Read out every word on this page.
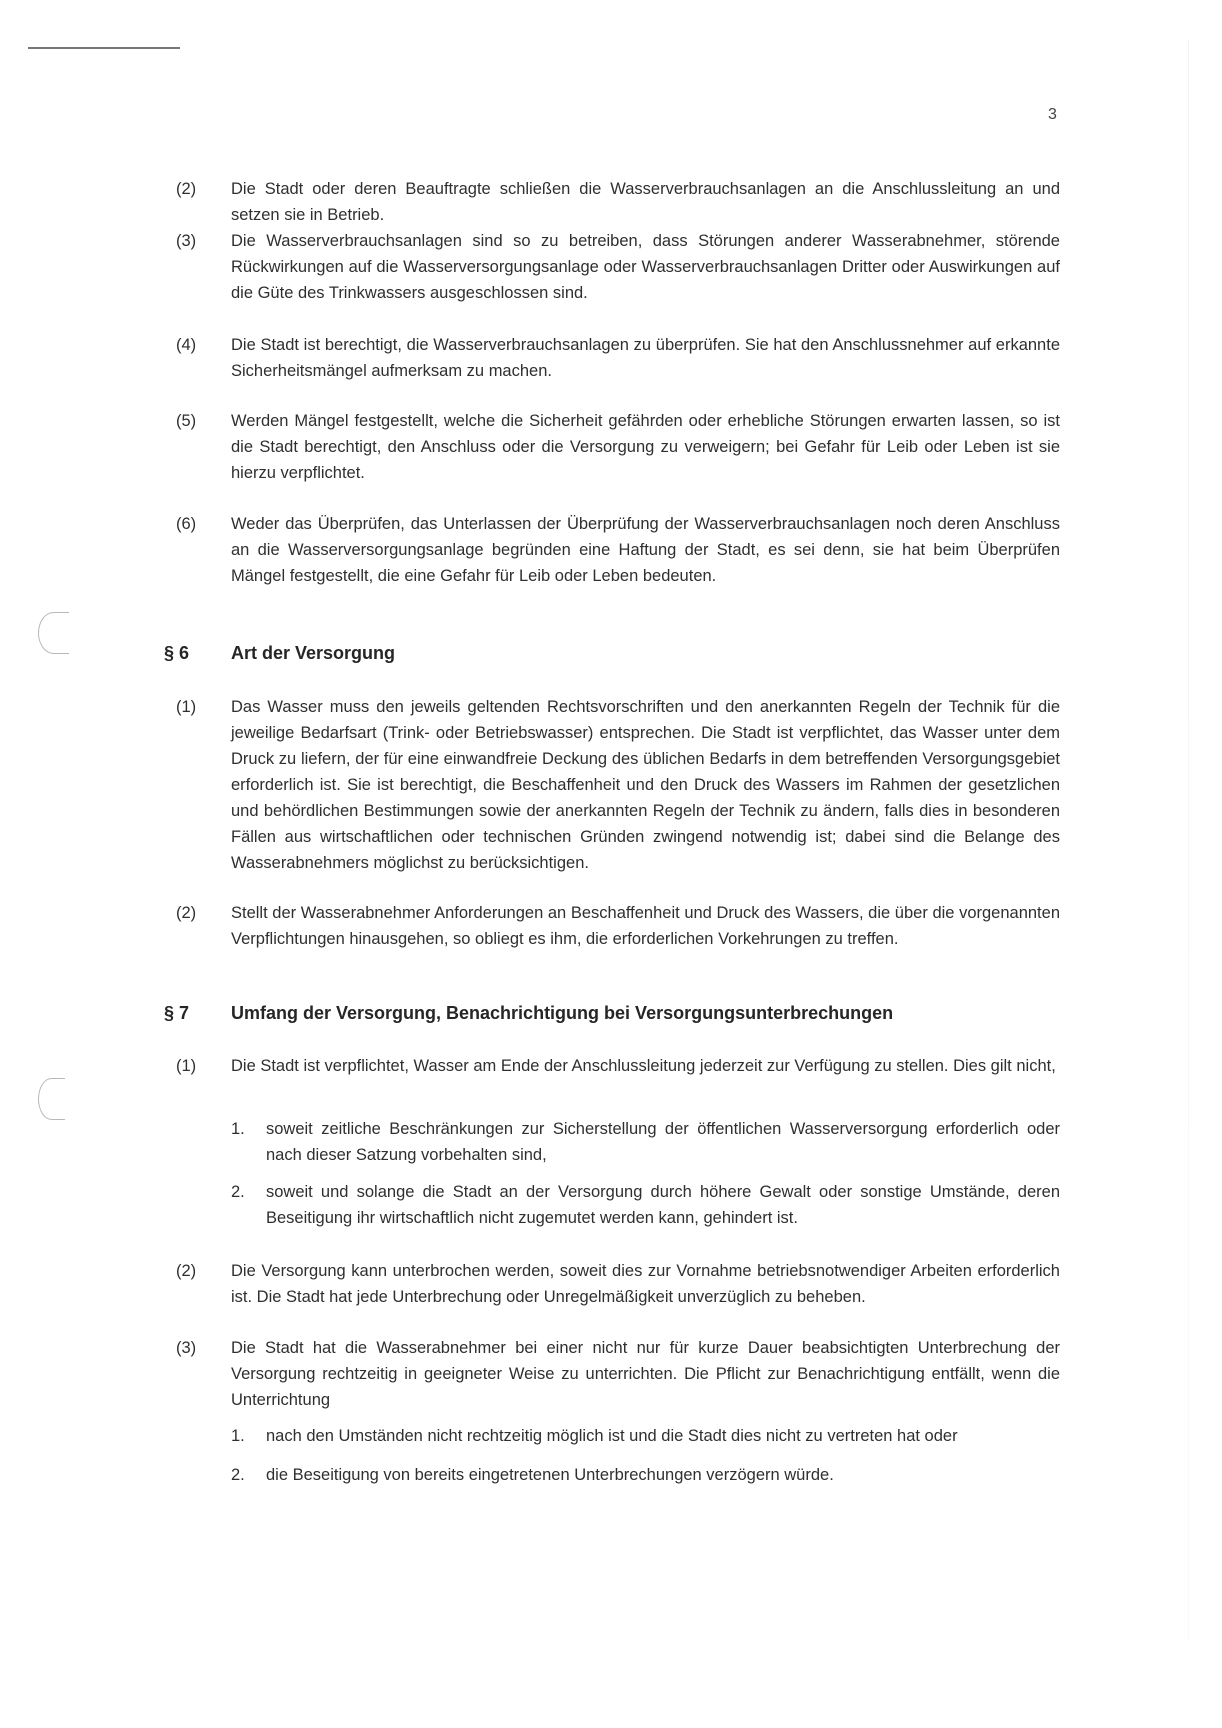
3
(2) Die Stadt oder deren Beauftragte schließen die Wasserverbrauchsanlagen an die Anschlussleitung an und setzen sie in Betrieb.
(3) Die Wasserverbrauchsanlagen sind so zu betreiben, dass Störungen anderer Wasserabnehmer, störende Rückwirkungen auf die Wasserversorgungsanlage oder Wasserverbrauchsanlagen Dritter oder Auswirkungen auf die Güte des Trinkwassers ausgeschlossen sind.
(4) Die Stadt ist berechtigt, die Wasserverbrauchsanlagen zu überprüfen. Sie hat den Anschlussnehmer auf erkannte Sicherheitsmängel aufmerksam zu machen.
(5) Werden Mängel festgestellt, welche die Sicherheit gefährden oder erhebliche Störungen erwarten lassen, so ist die Stadt berechtigt, den Anschluss oder die Versorgung zu verweigern; bei Gefahr für Leib oder Leben ist sie hierzu verpflichtet.
(6) Weder das Überprüfen, das Unterlassen der Überprüfung der Wasserverbrauchsanlagen noch deren Anschluss an die Wasserversorgungsanlage begründen eine Haftung der Stadt, es sei denn, sie hat beim Überprüfen Mängel festgestellt, die eine Gefahr für Leib oder Leben bedeuten.
§ 6 Art der Versorgung
(1) Das Wasser muss den jeweils geltenden Rechtsvorschriften und den anerkannten Regeln der Technik für die jeweilige Bedarfsart (Trink- oder Betriebswasser) entsprechen. Die Stadt ist verpflichtet, das Wasser unter dem Druck zu liefern, der für eine einwandfreie Deckung des üblichen Bedarfs in dem betreffenden Versorgungsgebiet erforderlich ist. Sie ist berechtigt, die Beschaffenheit und den Druck des Wassers im Rahmen der gesetzlichen und behördlichen Bestimmungen sowie der anerkannten Regeln der Technik zu ändern, falls dies in besonderen Fällen aus wirtschaftlichen oder technischen Gründen zwingend notwendig ist; dabei sind die Belange des Wasserabnehmers möglichst zu berücksichtigen.
(2) Stellt der Wasserabnehmer Anforderungen an Beschaffenheit und Druck des Wassers, die über die vorgenannten Verpflichtungen hinausgehen, so obliegt es ihm, die erforderlichen Vorkehrungen zu treffen.
§ 7 Umfang der Versorgung, Benachrichtigung bei Versorgungsunterbrechungen
(1) Die Stadt ist verpflichtet, Wasser am Ende der Anschlussleitung jederzeit zur Verfügung zu stellen. Dies gilt nicht,
1. soweit zeitliche Beschränkungen zur Sicherstellung der öffentlichen Wasserversorgung erforderlich oder nach dieser Satzung vorbehalten sind,
2. soweit und solange die Stadt an der Versorgung durch höhere Gewalt oder sonstige Umstände, deren Beseitigung ihr wirtschaftlich nicht zugemutet werden kann, gehindert ist.
(2) Die Versorgung kann unterbrochen werden, soweit dies zur Vornahme betriebsnotwendiger Arbeiten erforderlich ist. Die Stadt hat jede Unterbrechung oder Unregelmäßigkeit unverzüglich zu beheben.
(3) Die Stadt hat die Wasserabnehmer bei einer nicht nur für kurze Dauer beabsichtigten Unterbrechung der Versorgung rechtzeitig in geeigneter Weise zu unterrichten. Die Pflicht zur Benachrichtigung entfällt, wenn die Unterrichtung
1. nach den Umständen nicht rechtzeitig möglich ist und die Stadt dies nicht zu vertreten hat oder
2. die Beseitigung von bereits eingetretenen Unterbrechungen verzögern würde.
